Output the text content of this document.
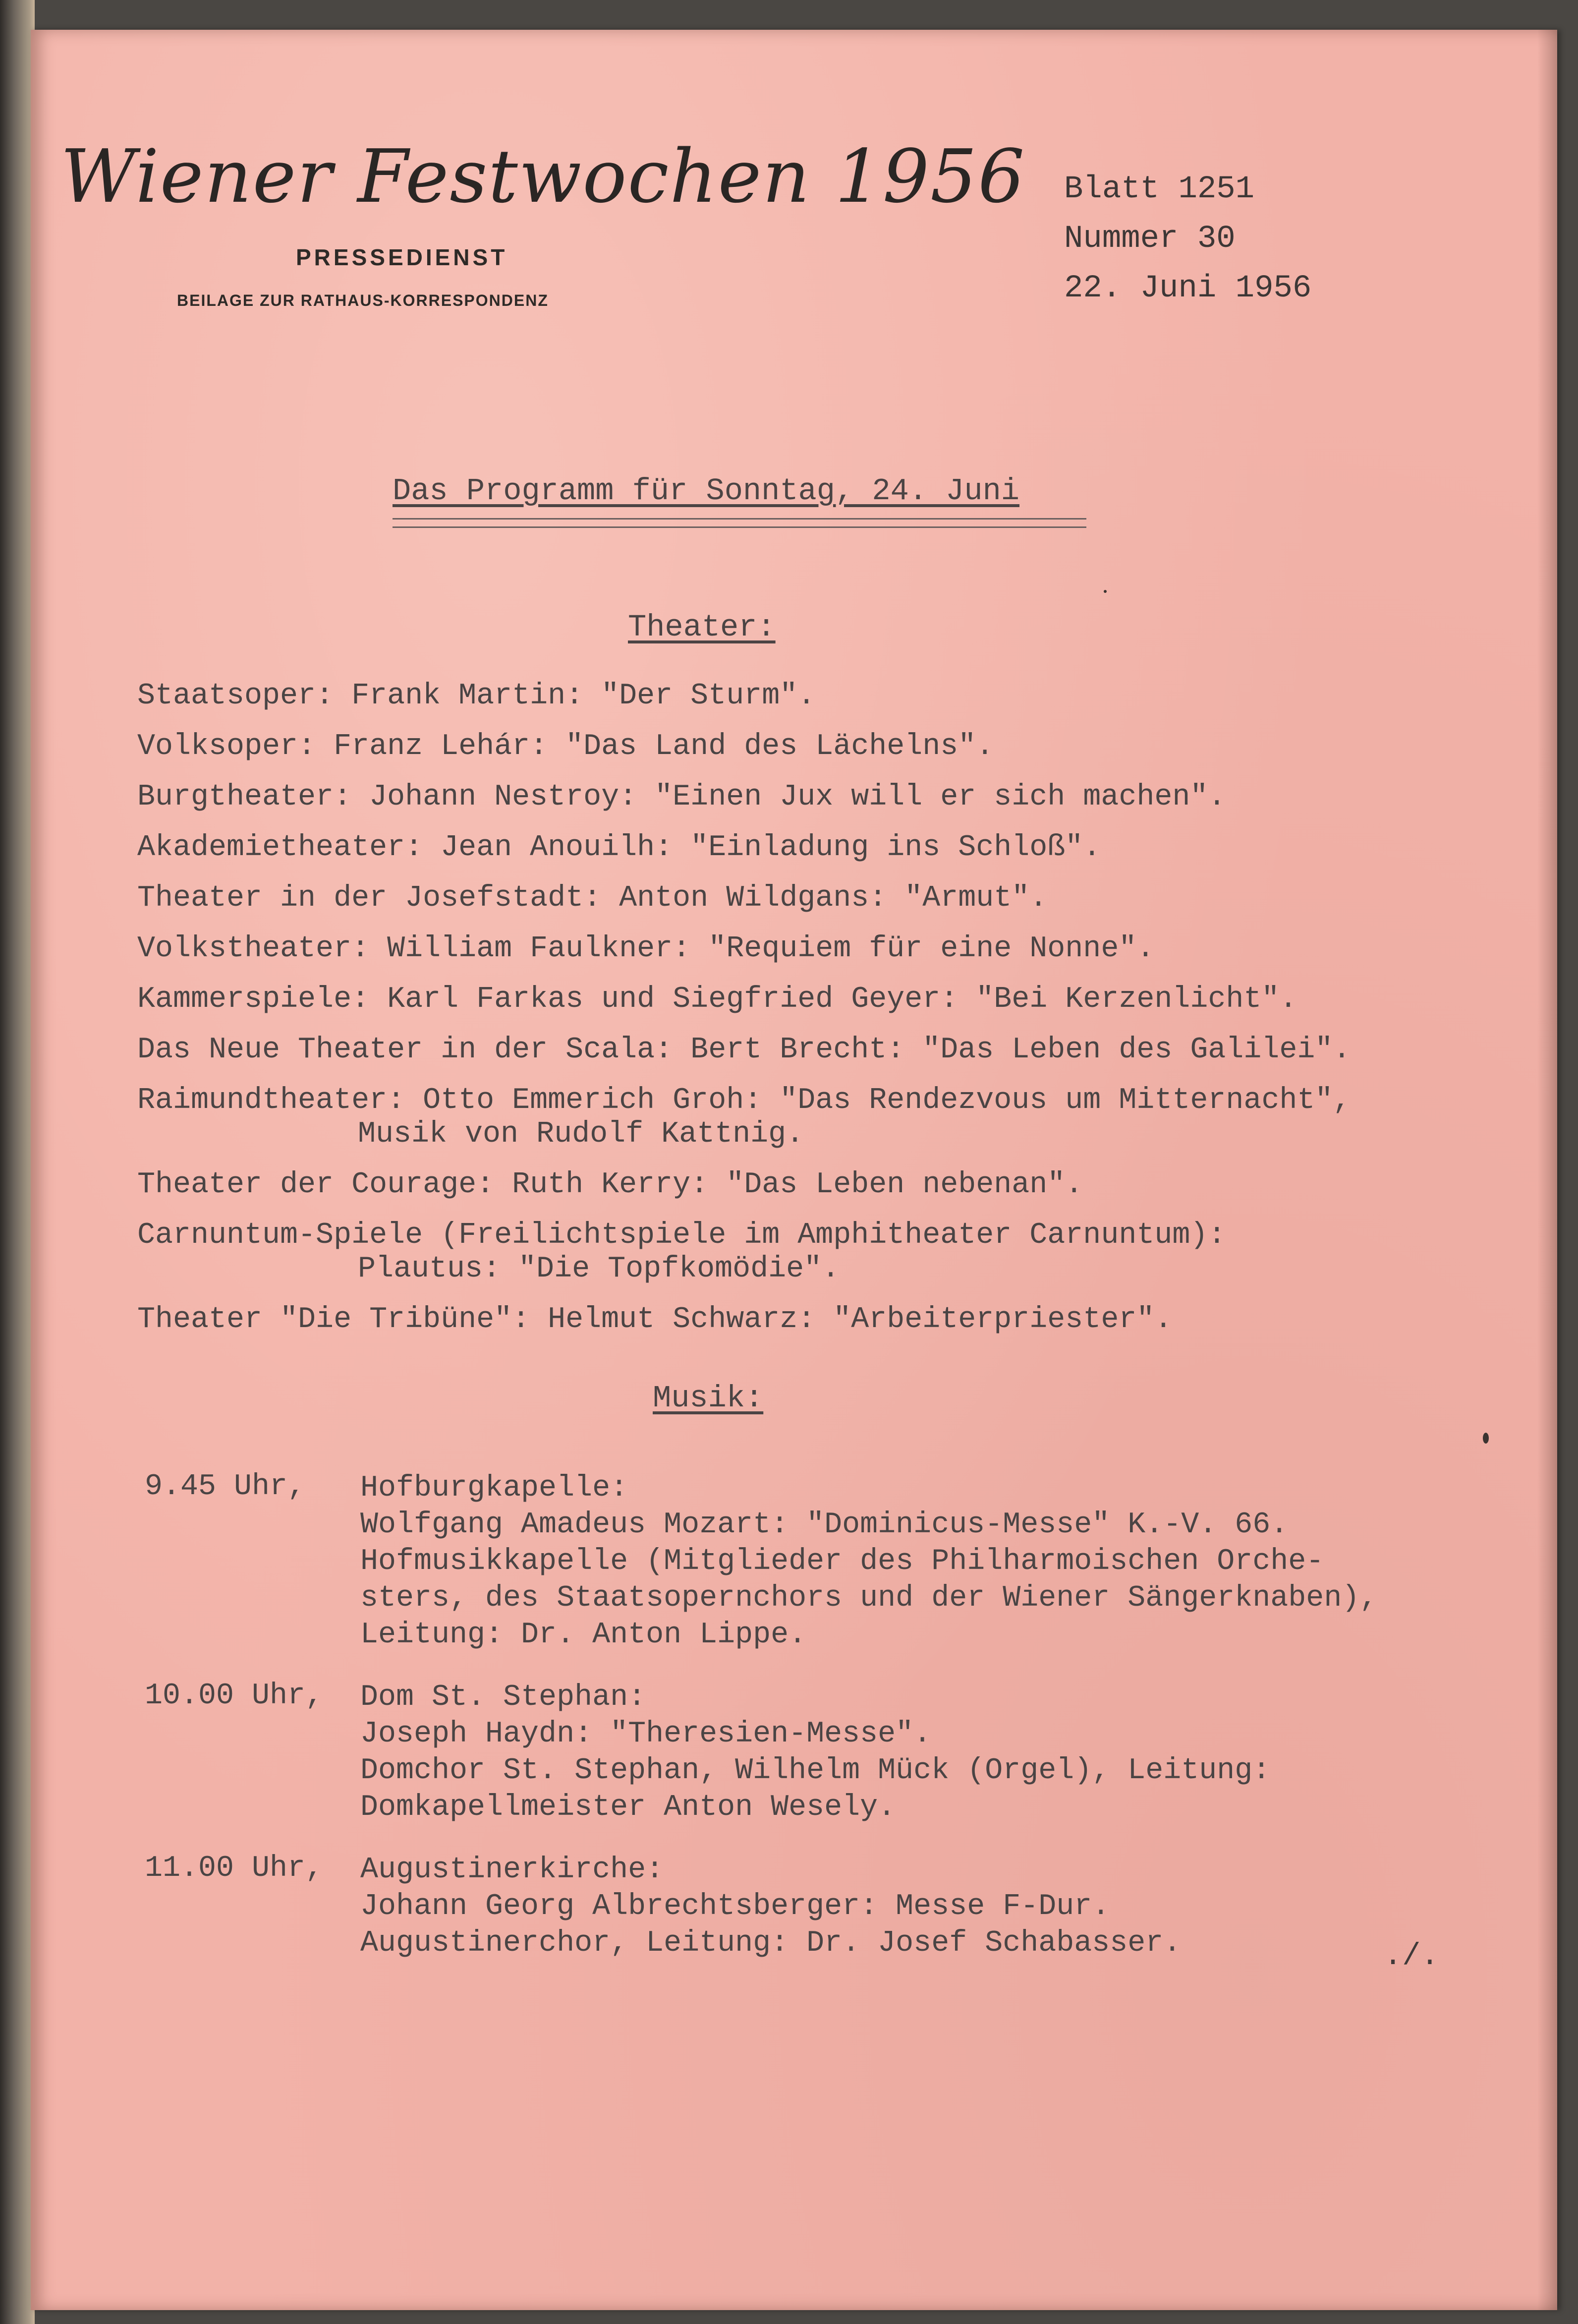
Wiener Festwochen 1956
PRESSEDIENST
BEILAGE ZUR RATHAUS-KORRESPONDENZ
Blatt 1251
Nummer 30
22. Juni 1956
Das Programm für Sonntag, 24. Juni
Theater:
Staatsoper: Frank Martin: "Der Sturm".
Volksoper: Franz Lehár: "Das Land des Lächelns".
Burgtheater: Johann Nestroy: "Einen Jux will er sich machen".
Akademietheater: Jean Anouilh: "Einladung ins Schloß".
Theater in der Josefstadt: Anton Wildgans: "Armut".
Volkstheater: William Faulkner: "Requiem für eine Nonne".
Kammerspiele: Karl Farkas und Siegfried Geyer: "Bei Kerzenlicht".
Das Neue Theater in der Scala: Bert Brecht: "Das Leben des Galilei".
Raimundtheater: Otto Emmerich Groh: "Das Rendezvous um Mitternacht",
Musik von Rudolf Kattnig.
Theater der Courage: Ruth Kerry: "Das Leben nebenan".
Carnuntum-Spiele (Freilichtspiele im Amphitheater Carnuntum):
Plautus: "Die Topfkomödie".
Theater "Die Tribüne": Helmut Schwarz: "Arbeiterpriester".
Musik:
9.45 Uhr, Hofburgkapelle:
Wolfgang Amadeus Mozart: "Dominicus-Messe" K.-V. 66.
Hofmusikkapelle (Mitglieder des Philharmoischen Orche-
sters, des Staatsopernchors und der Wiener Sängerknaben),
Leitung: Dr. Anton Lippe.
10.00 Uhr, Dom St. Stephan:
Joseph Haydn: "Theresien-Messe".
Domchor St. Stephan, Wilhelm Mück (Orgel), Leitung:
Domkapellmeister Anton Wesely.
11.00 Uhr, Augustinerkirche:
Johann Georg Albrechtsberger: Messe F-Dur.
Augustinerchor, Leitung: Dr. Josef Schabasser.	./.
